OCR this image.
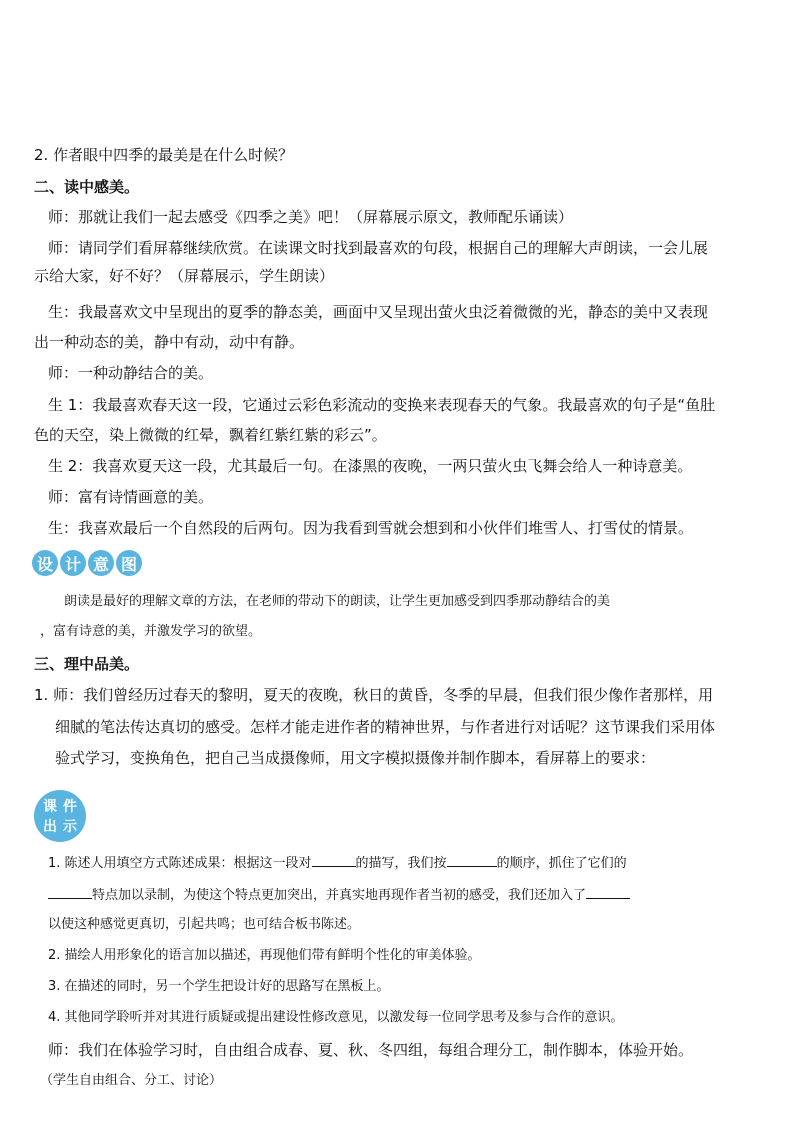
2. 作者眼中四季的最美是在什么时候？
二、读中感美。
师：那就让我们一起去感受《四季之美》吧！（屏幕展示原文，教师配乐诵读）
师：请同学们看屏幕继续欣赏。在读课文时找到最喜欢的句段，根据自己的理解大声朗读，一会儿展
示给大家，好不好？（屏幕展示，学生朗读）
生：我最喜欢文中呈现出的夏季的静态美，画面中又呈现出萤火虫泛着微微的光，静态的美中又表现
出一种动态的美，静中有动，动中有静。
师：一种动静结合的美。
生 1：我最喜欢春天这一段，它通过云彩色彩流动的变换来表现春天的气象。我最喜欢的句子是“鱼肚
色的天空，染上微微的红晕，飘着红紫红紫的彩云”。
生 2：我喜欢夏天这一段，尤其最后一句。在漆黑的夜晚，一两只萤火虫飞舞会给人一种诗意美。
师：富有诗情画意的美。
生：我喜欢最后一个自然段的后两句。因为我看到雪就会想到和小伙伴们堆雪人、打雪仗的情景。
设 计 意 图
朗读是最好的理解文章的方法，在老师的带动下的朗读，让学生更加感受到四季那动静结合的美
，富有诗意的美，并激发学习的欲望。
三、理中品美。
1. 师：我们曾经历过春天的黎明，夏天的夜晚，秋日的黄昏，冬季的早晨，但我们很少像作者那样，用
细腻的笔法传达真切的感受。怎样才能走进作者的精神世界，与作者进行对话呢？这节课我们采用体
验式学习，变换角色，把自己当成摄像师，用文字模拟摄像并制作脚本，看屏幕上的要求：
课 件
出 示
1. 陈述人用填空方式陈述成果：根据这一段对	的描写，我们按	的顺序，抓住了它们的
特点加以录制，为使这个特点更加突出，并真实地再现作者当初的感受，我们还加入了
以使这种感觉更真切，引起共鸣；也可结合板书陈述。
2. 描绘人用形象化的语言加以描述，再现他们带有鲜明个性化的审美体验。
3. 在描述的同时，另一个学生把设计好的思路写在黑板上。
4. 其他同学聆听并对其进行质疑或提出建设性修改意见，以激发每一位同学思考及参与合作的意识。
师：我们在体验学习时，自由组合成春、夏、秋、冬四组，每组合理分工，制作脚本，体验开始。
（学生自由组合、分工、讨论）
